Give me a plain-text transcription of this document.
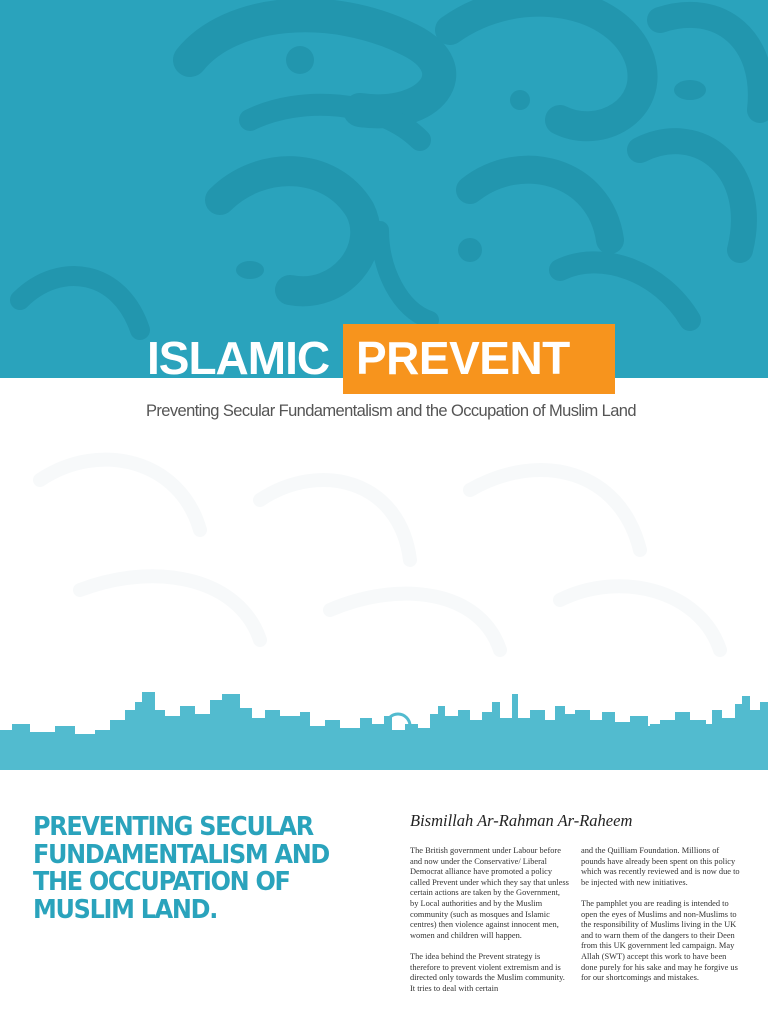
ISLAMIC PREVENT
Preventing Secular Fundamentalism and the Occupation of Muslim Land
PREVENTING SECULAR FUNDAMENTALISM AND THE OCCUPATION OF MUSLIM LAND.
Bismillah Ar-Rahman Ar-Raheem

The British government under Labour before and now under the Conservative/ Liberal Democrat alliance have promoted a policy called Prevent under which they say that unless certain actions are taken by the Government, by Local authorities and by the Muslim community (such as mosques and Islamic centres) then violence against innocent men, women and children will happen.

The idea behind the Prevent strategy is therefore to prevent violent extremism and is directed only towards the Muslim community. It tries to deal with certain

and the Quilliam Foundation. Millions of pounds have already been spent on this policy which was recently reviewed and is now due to be injected with new initiatives.

The pamphlet you are reading is intended to open the eyes of Muslims and non-Muslims to the responsibility of Muslims living in the UK and to warn them of the dangers to their Deen from this UK government led campaign. May Allah (SWT) accept this work to have been done purely for his sake and may he forgive us for our shortcomings and mistakes.
